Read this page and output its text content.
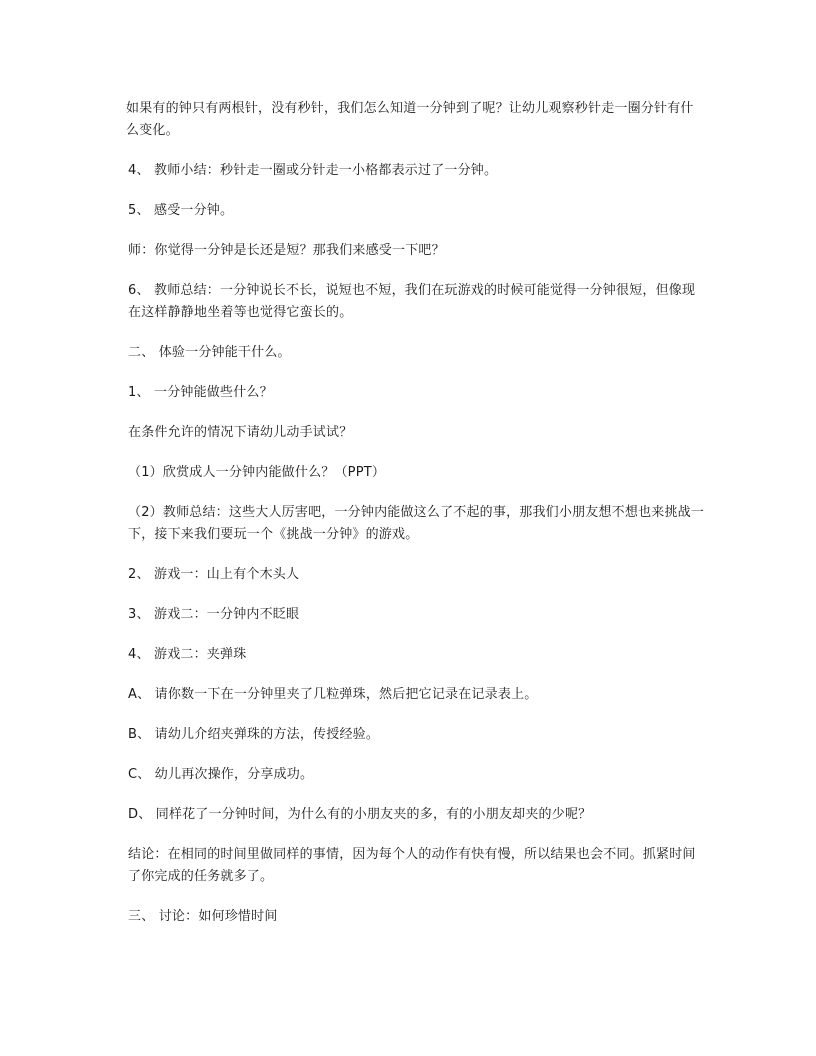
如果有的钟只有两根针，没有秒针，我们怎么知道一分钟到了呢？让幼儿观察秒针走一圈分针有什么变化。

4、 教师小结：秒针走一圈或分针走一小格都表示过了一分钟。

5、 感受一分钟。

师：你觉得一分钟是长还是短？那我们来感受一下吧？

6、 教师总结：一分钟说长不长，说短也不短，我们在玩游戏的时候可能觉得一分钟很短，但像现在这样静静地坐着等也觉得它蛮长的。

二、 体验一分钟能干什么。

1、 一分钟能做些什么？

在条件允许的情况下请幼儿动手试试？

（1）欣赏成人一分钟内能做什么？（PPT）

（2）教师总结：这些大人厉害吧，一分钟内能做这么了不起的事，那我们小朋友想不想也来挑战一下，接下来我们要玩一个《挑战一分钟》的游戏。

2、 游戏一：山上有个木头人

3、 游戏二：一分钟内不眨眼

4、 游戏二：夹弹珠

A、 请你数一下在一分钟里夹了几粒弹珠，然后把它记录在记录表上。

B、 请幼儿介绍夹弹珠的方法，传授经验。

C、 幼儿再次操作，分享成功。

D、 同样花了一分钟时间，为什么有的小朋友夹的多，有的小朋友却夹的少呢？

结论：在相同的时间里做同样的事情，因为每个人的动作有快有慢，所以结果也会不同。抓紧时间了你完成的任务就多了。

三、 讨论：如何珍惜时间
